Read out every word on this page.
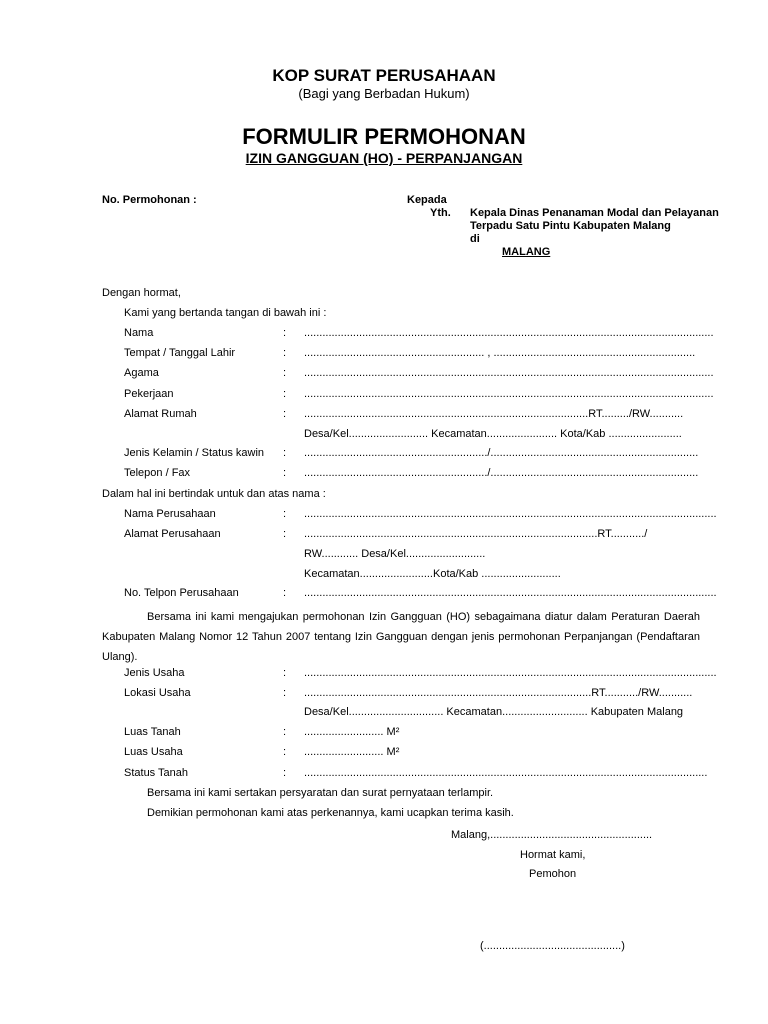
KOP SURAT PERUSAHAAN
(Bagi yang Berbadan Hukum)
FORMULIR PERMOHONAN
IZIN GANGGUAN (HO) - PERPANJANGAN
No. Permohonan :	Kepada
Yth. Kepala Dinas Penanaman Modal dan Pelayanan
Terpadu Satu Pintu Kabupaten Malang
di
MALANG
Dengan hormat,
Kami yang bertanda tangan di bawah ini :
Nama	: ......................................................................................................................................
Tempat / Tanggal Lahir	: ........................................................... , ..................................................................
Agama	: ......................................................................................................................................
Pekerjaan	: ......................................................................................................................................
Alamat Rumah	: .............................................................................................RT........./RW...........
Desa/Kel.......................... Kecamatan....................... Kota/Kab ........................
Jenis Kelamin / Status kawin : ............................................................/....................................................................
Telepon / Fax	: ............................................................/....................................................................
Dalam hal ini bertindak untuk dan atas nama :
Nama Perusahaan	: .......................................................................................................................................
Alamat Perusahaan	: ................................................................................................RT.........../
RW............ Desa/Kel..........................
Kecamatan........................Kota/Kab ..........................
No. Telpon Perusahaan	: .......................................................................................................................................
Bersama ini kami mengajukan permohonan Izin Gangguan (HO) sebagaimana diatur dalam Peraturan Daerah Kabupaten Malang Nomor 12 Tahun 2007 tentang Izin Gangguan dengan jenis permohonan Perpanjangan (Pendaftaran Ulang).
Jenis Usaha	: .......................................................................................................................................
Lokasi Usaha	: ..............................................................................................RT.........../RW...........
Desa/Kel............................... Kecamatan............................ Kabupaten Malang
Luas Tanah	: .......................... M²
Luas Usaha	: .......................... M²
Status Tanah	: ....................................................................................................................................
Bersama ini kami sertakan persyaratan dan surat pernyataan terlampir.
Demikian permohonan kami atas perkenannya, kami ucapkan terima kasih.
Malang,.....................................................
Hormat kami,
Pemohon
(.............................................)
